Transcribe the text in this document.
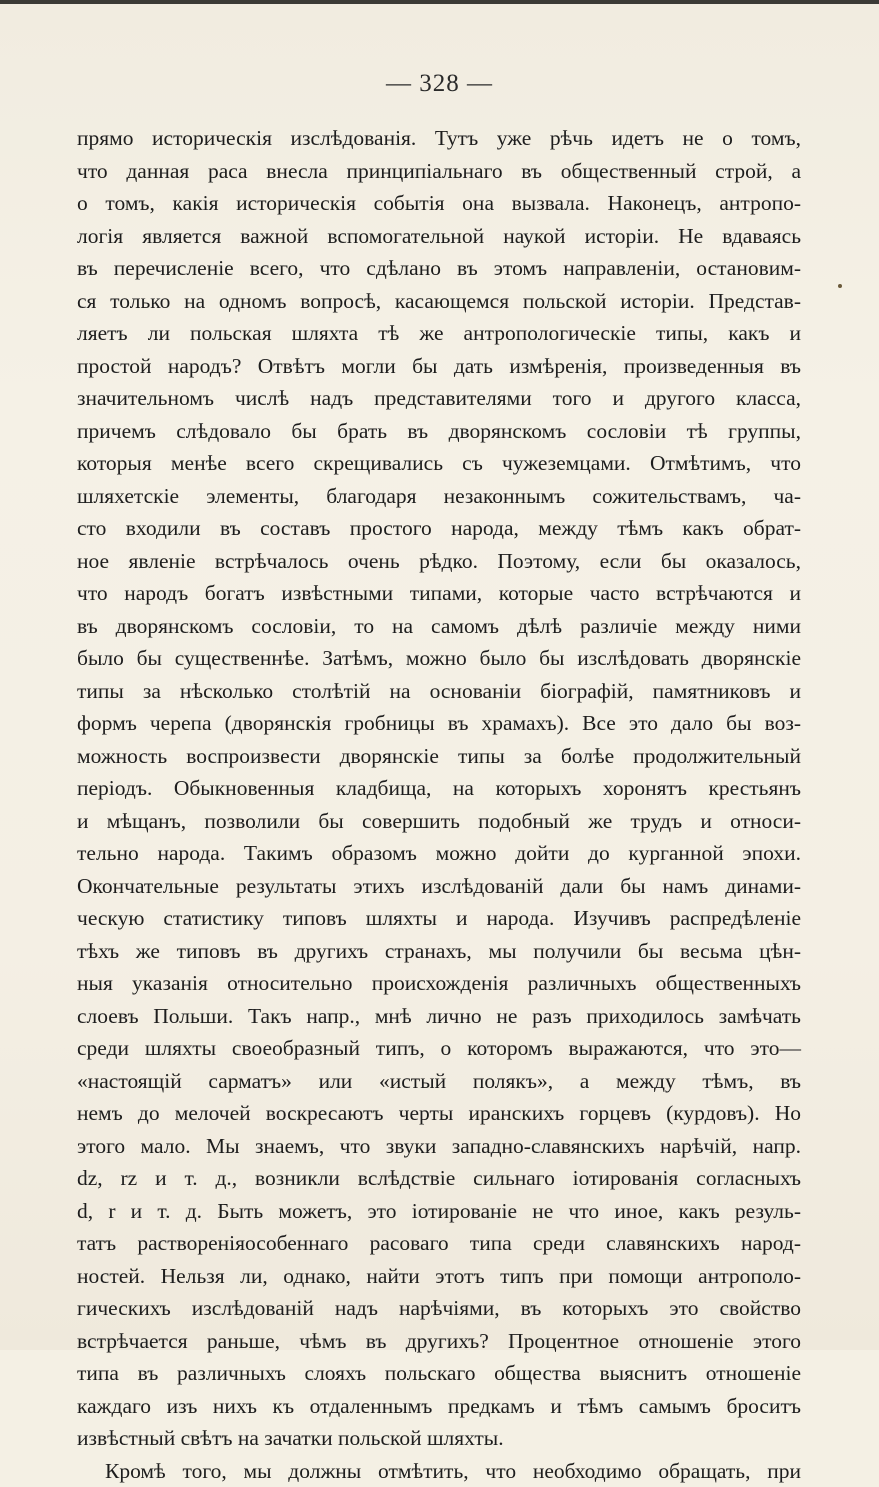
— 328 —
прямо историческія изслѣдованія. Тутъ уже рѣчь идетъ не о томъ,
что данная раса внесла принципіальнаго въ общественный строй, а
о томъ, какія историческія событія она вызвала. Наконецъ, антропо-
логія является важной вспомогательной наукой исторіи. Не вдаваясь
въ перечисленіе всего, что сдѣлано въ этомъ направленіи, остановим-
ся только на одномъ вопросѣ, касающемся польской исторіи. Представ-
ляетъ ли польская шляхта тѣ же антропологическіе типы, какъ и
простой народъ? Отвѣтъ могли бы дать измѣренія, произведенныя въ
значительномъ числѣ надъ представителями того и другого класса,
причемъ слѣдовало бы брать въ дворянскомъ сословіи тѣ группы,
которыя менѣе всего скрещивались съ чужеземцами. Отмѣтимъ, что
шляхетскіе элементы, благодаря незаконнымъ сожительствамъ, ча-
сто входили въ составъ простого народа, между тѣмъ какъ обрат-
ное явленіе встрѣчалось очень рѣдко. Поэтому, если бы оказалось,
что народъ богатъ извѣстными типами, которые часто встрѣчаются и
въ дворянскомъ сословіи, то на самомъ дѣлѣ различіе между ними
было бы существеннѣе. Затѣмъ, можно было бы изслѣдовать дворянскіе
типы за нѣсколько столѣтій на основаніи біографій, памятниковъ и
формъ черепа (дворянскія гробницы въ храмахъ). Все это дало бы воз-
можность воспроизвести дворянскіе типы за болѣе продолжительный
періодъ. Обыкновенныя кладбища, на которыхъ хоронятъ крестьянъ
и мѣщанъ, позволили бы совершить подобный же трудъ и относи-
тельно народа. Такимъ образомъ можно дойти до курганной эпохи.
Окончательные результаты этихъ изслѣдованій дали бы намъ динами-
ческую статистику типовъ шляхты и народа. Изучивъ распредѣленіе
тѣхъ же типовъ въ другихъ странахъ, мы получили бы весьма цѣн-
ныя указанія относительно происхожденія различныхъ общественныхъ
слоевъ Польши. Такъ напр., мнѣ лично не разъ приходилось замѣчать
среди шляхты своеобразный типъ, о которомъ выражаются, что это—
«настоящій сарматъ» или «истый полякъ», а между тѣмъ, въ
немъ до мелочей воскресаютъ черты иранскихъ горцевъ (курдовъ). Но
этого мало. Мы знаемъ, что звуки западно-славянскихъ нарѣчій, напр.
dz, rz и т. д., возникли вслѣдствіе сильнаго іотированія согласныхъ
d, r и т. д. Быть можетъ, это іотированіе не что иное, какъ резуль-
татъ раствореніяособеннаго расоваго типа среди славянскихъ народ-
ностей. Нельзя ли, однако, найти этотъ типъ при помощи антрополо-
гическихъ изслѣдованій надъ нарѣчіями, въ которыхъ это свойство
встрѣчается раньше, чѣмъ въ другихъ? Процентное отношеніе этого
типа въ различныхъ слояхъ польскаго общества выяснитъ отношеніе
каждаго изъ нихъ къ отдаленнымъ предкамъ и тѣмъ самымъ броситъ
извѣстный свѣтъ на зачатки польской шляхты.
Кромѣ того, мы должны отмѣтить, что необходимо обращать, при
